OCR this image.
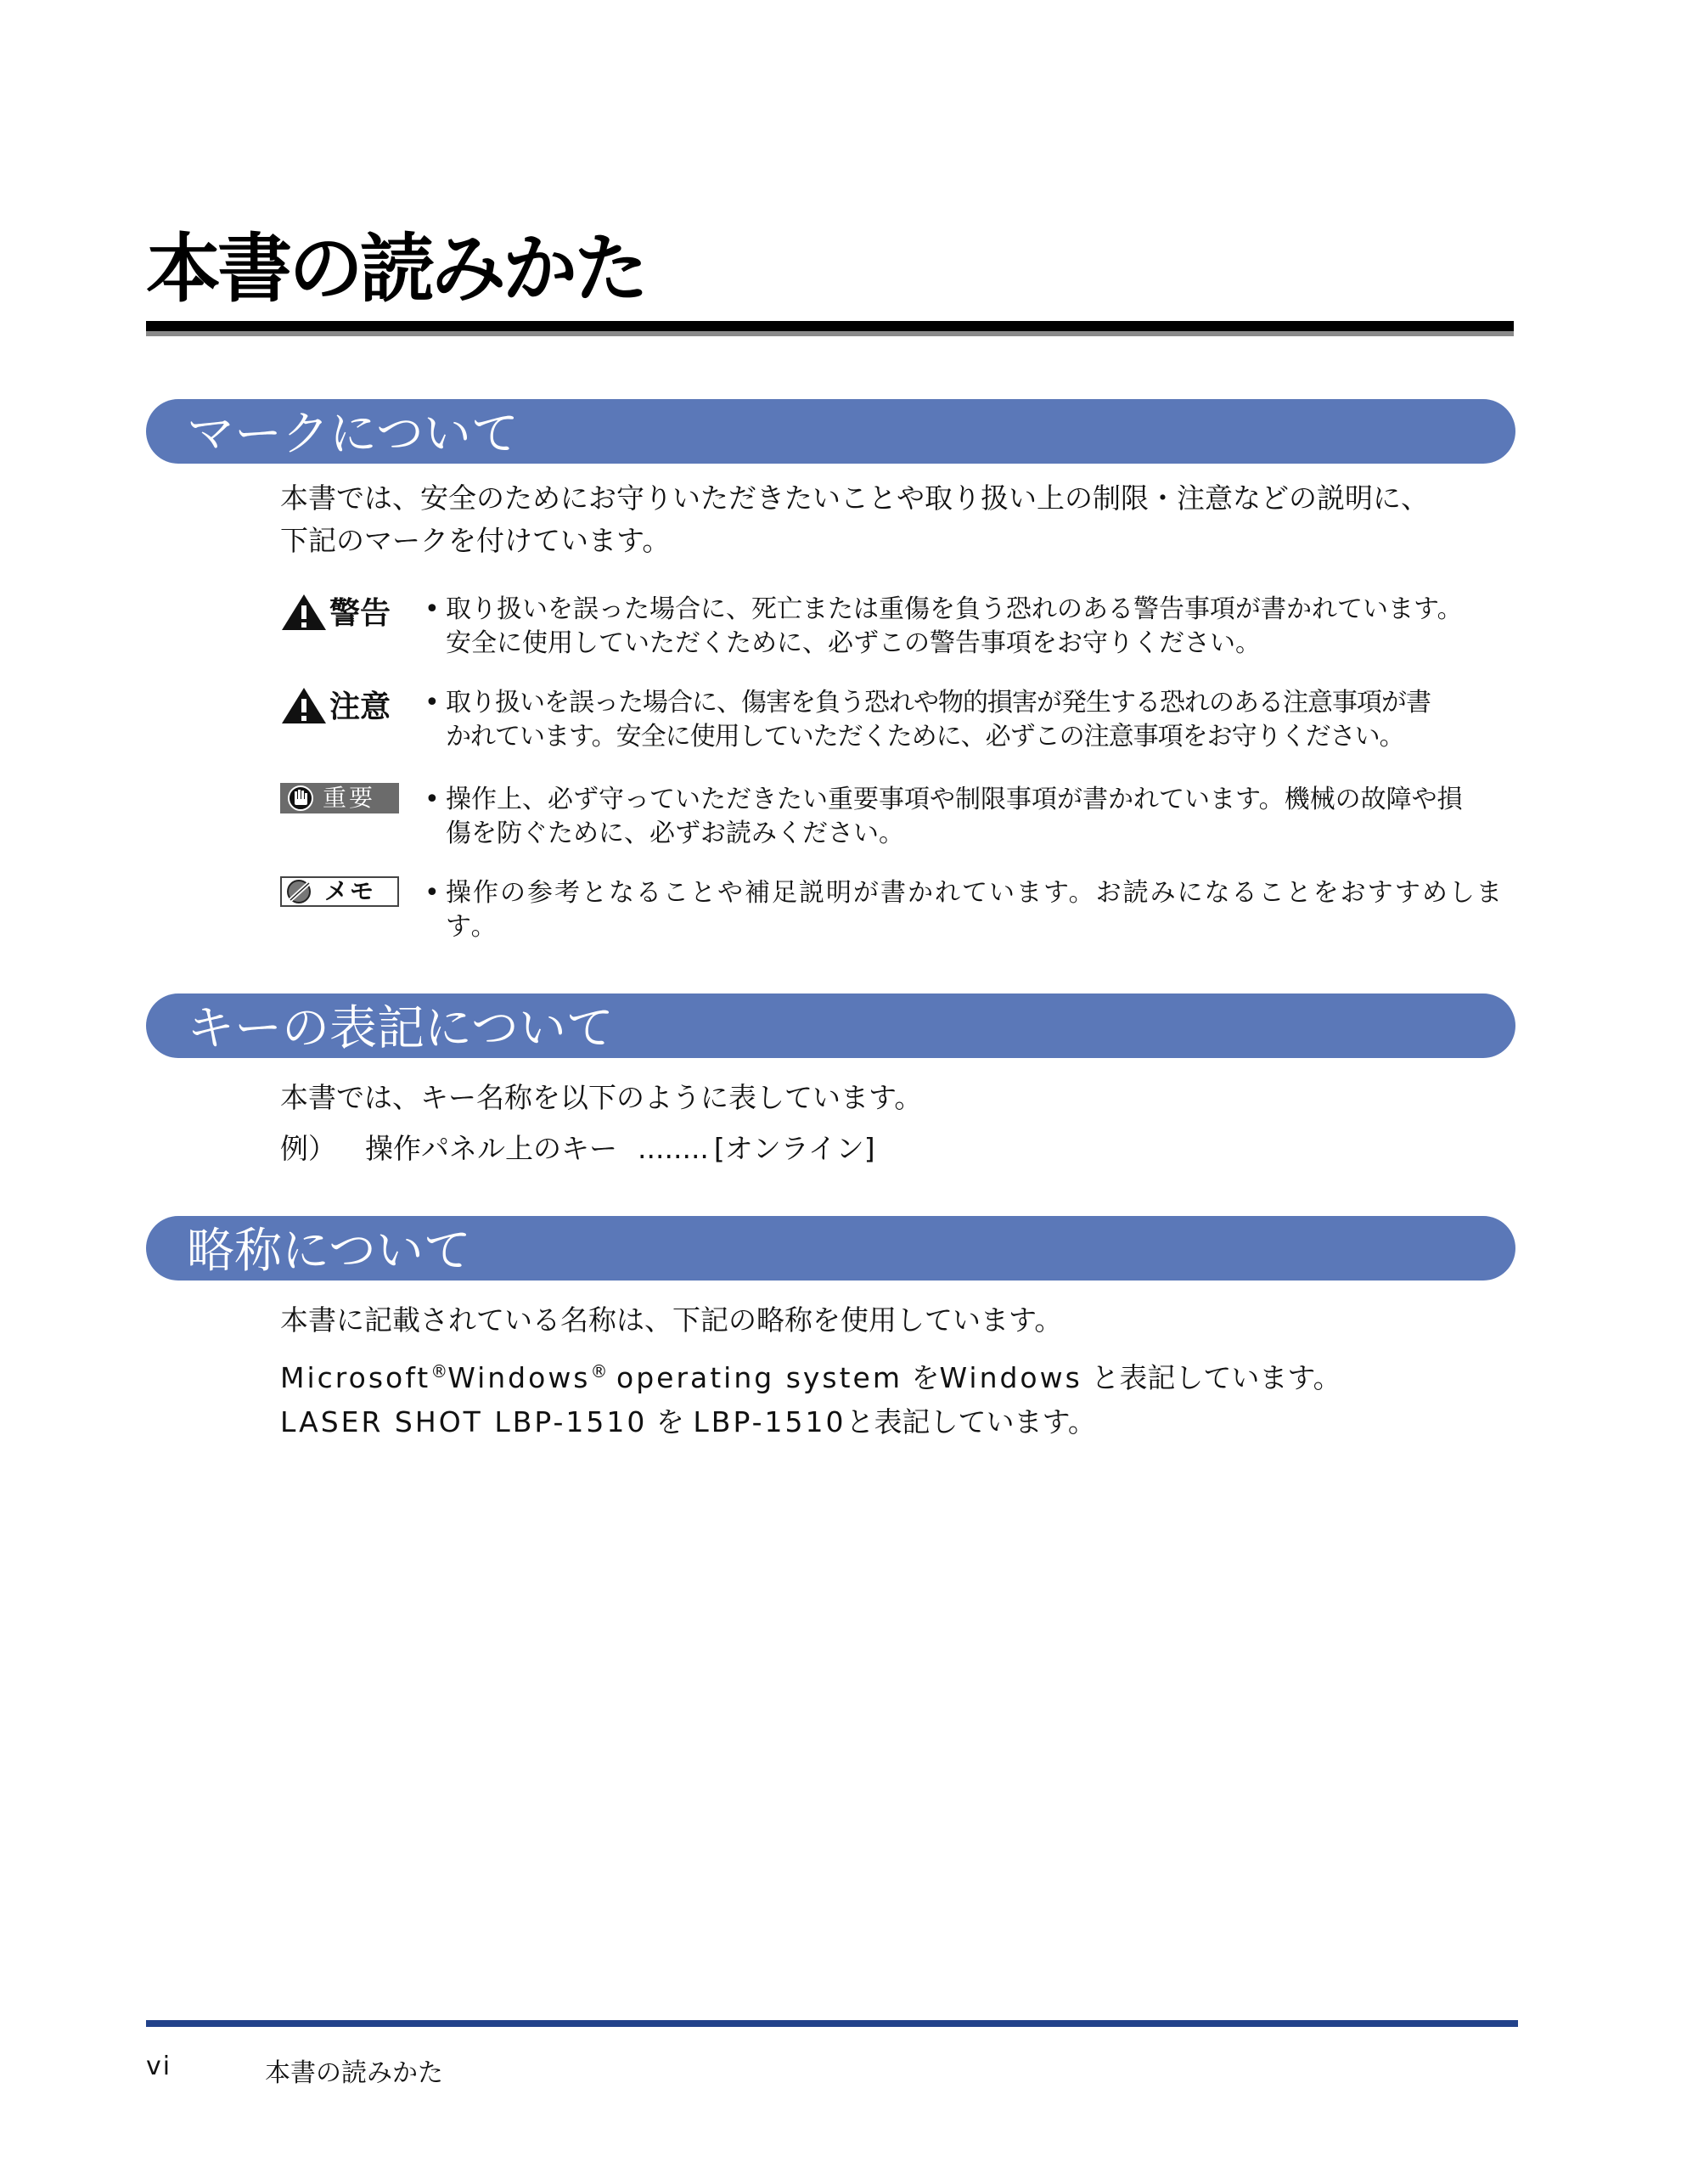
本書の読みかた
マークについて

本書では、安全のためにお守りいただきたいことや取り扱い上の制限・注意などの説明に、

下記のマークを付けています。

警告 • 取り扱いを誤った場合に、死亡または重傷を負う恐れのある警告事項が書かれています。
安全に使用していただくために、必ずこの警告事項をお守りください。

注意 • 取り扱いを誤った場合に、傷害を負う恐れや物的損害が発生する恐れのある注意事項が書
かれています。安全に使用していただくために、必ずこの注意事項をお守りください。

重要 • 操作上、必ず守っていただきたい重要事項や制限事項が書かれています。機械の故障や損
傷を防ぐために、必ずお読みください。

メモ • 操作の参考となることや補足説明が書かれています。お読みになることをおすすめしま
す。

キーの表記について

本書では、キー名称を以下のように表しています。

例） 操作パネル上のキー ........ [オンライン]

略称について

本書に記載されている名称は、下記の略称を使用しています。

Microsoft®Windows® operating system をWindows と表記しています。

LASER SHOT LBP-1510 を LBP-1510と表記しています。

vi	本書の読みかた
